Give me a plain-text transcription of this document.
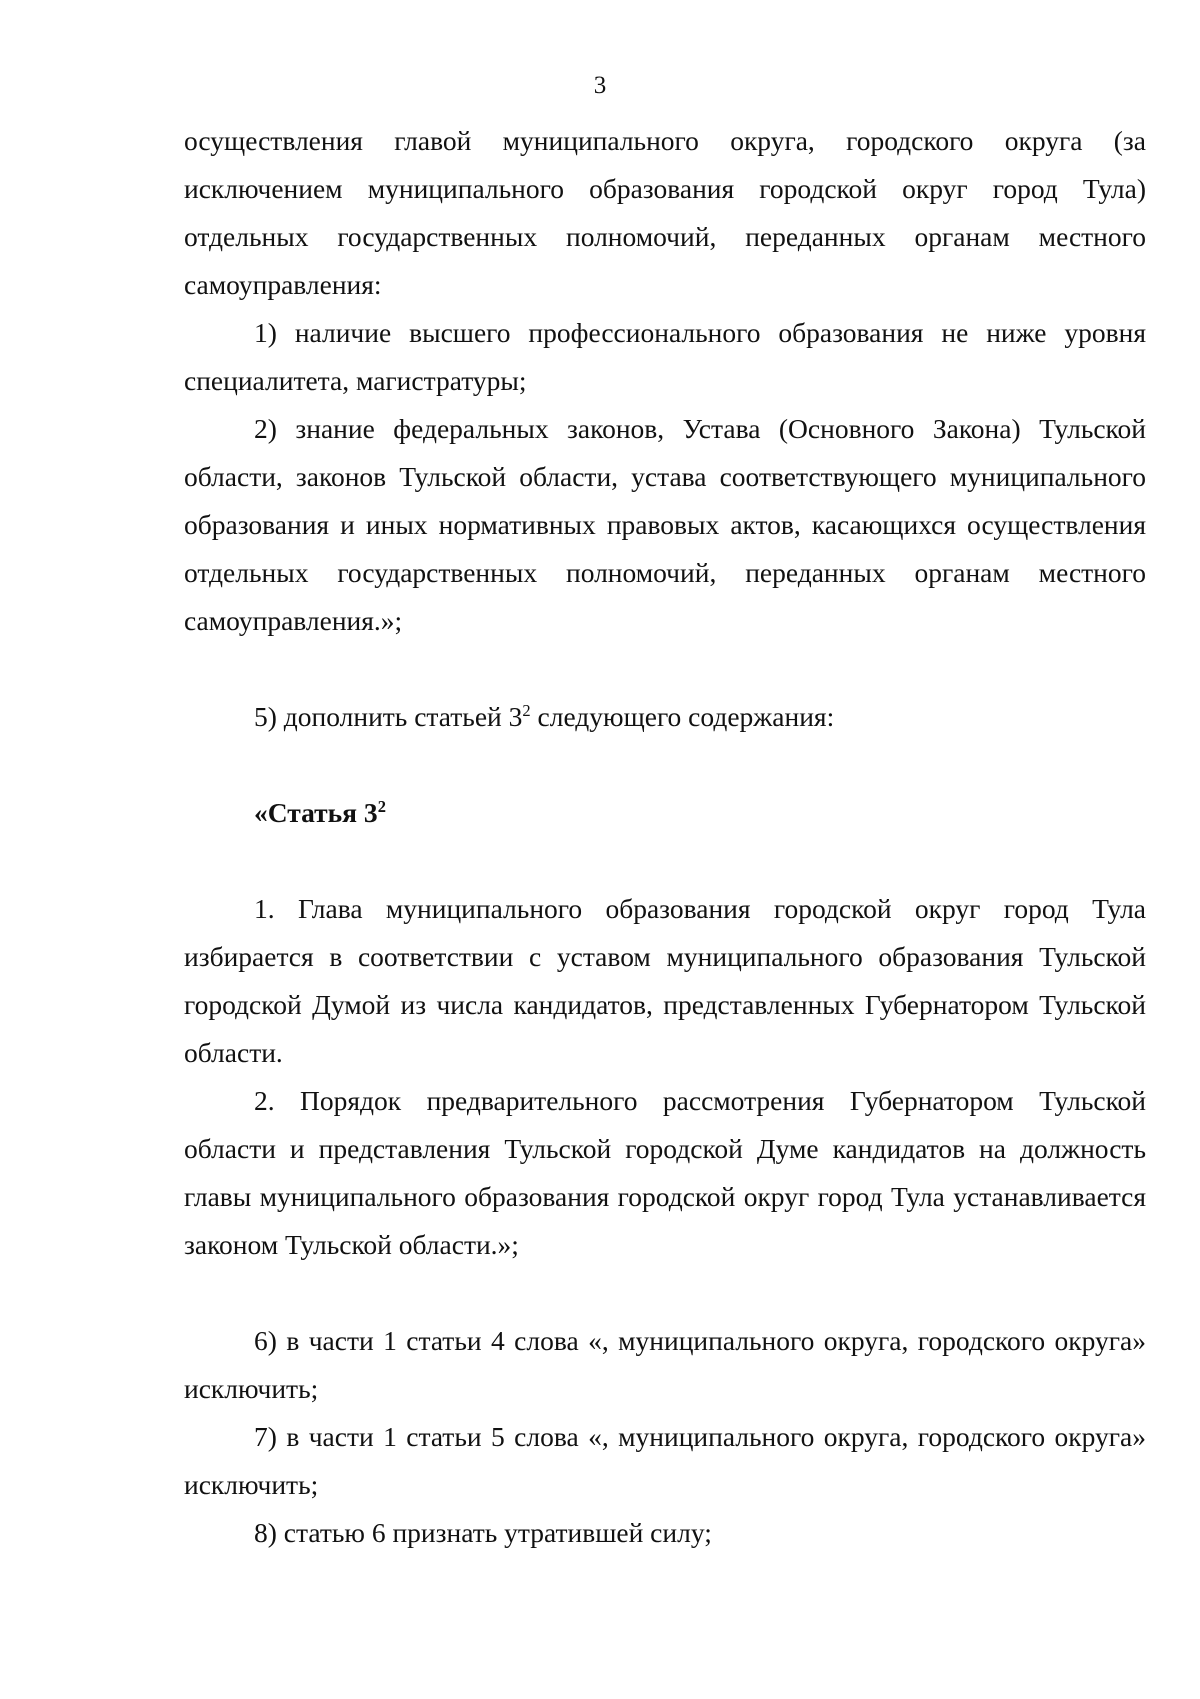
3

осуществления главой муниципального округа, городского округа (за исключением муниципального образования городской округ город Тула) отдельных государственных полномочий, переданных органам местного самоуправления:

1) наличие высшего профессионального образования не ниже уровня специалитета, магистратуры;

2) знание федеральных законов, Устава (Основного Закона) Тульской области, законов Тульской области, устава соответствующего муниципального образования и иных нормативных правовых актов, касающихся осуществления отдельных государственных полномочий, переданных органам местного самоуправления.»;

5) дополнить статьей $3^2$ следующего содержания:

«Статья $3^2$

1. Глава муниципального образования городской округ город Тула избирается в соответствии с уставом муниципального образования Тульской городской Думой из числа кандидатов, представленных Губернатором Тульской области.

2. Порядок предварительного рассмотрения Губернатором Тульской области и представления Тульской городской Думе кандидатов на должность главы муниципального образования городской округ город Тула устанавливается законом Тульской области.»;

6) в части 1 статьи 4 слова «, муниципального округа, городского округа» исключить;

7) в части 1 статьи 5 слова «, муниципального округа, городского округа» исключить;

8) статью 6 признать утратившей силу;
